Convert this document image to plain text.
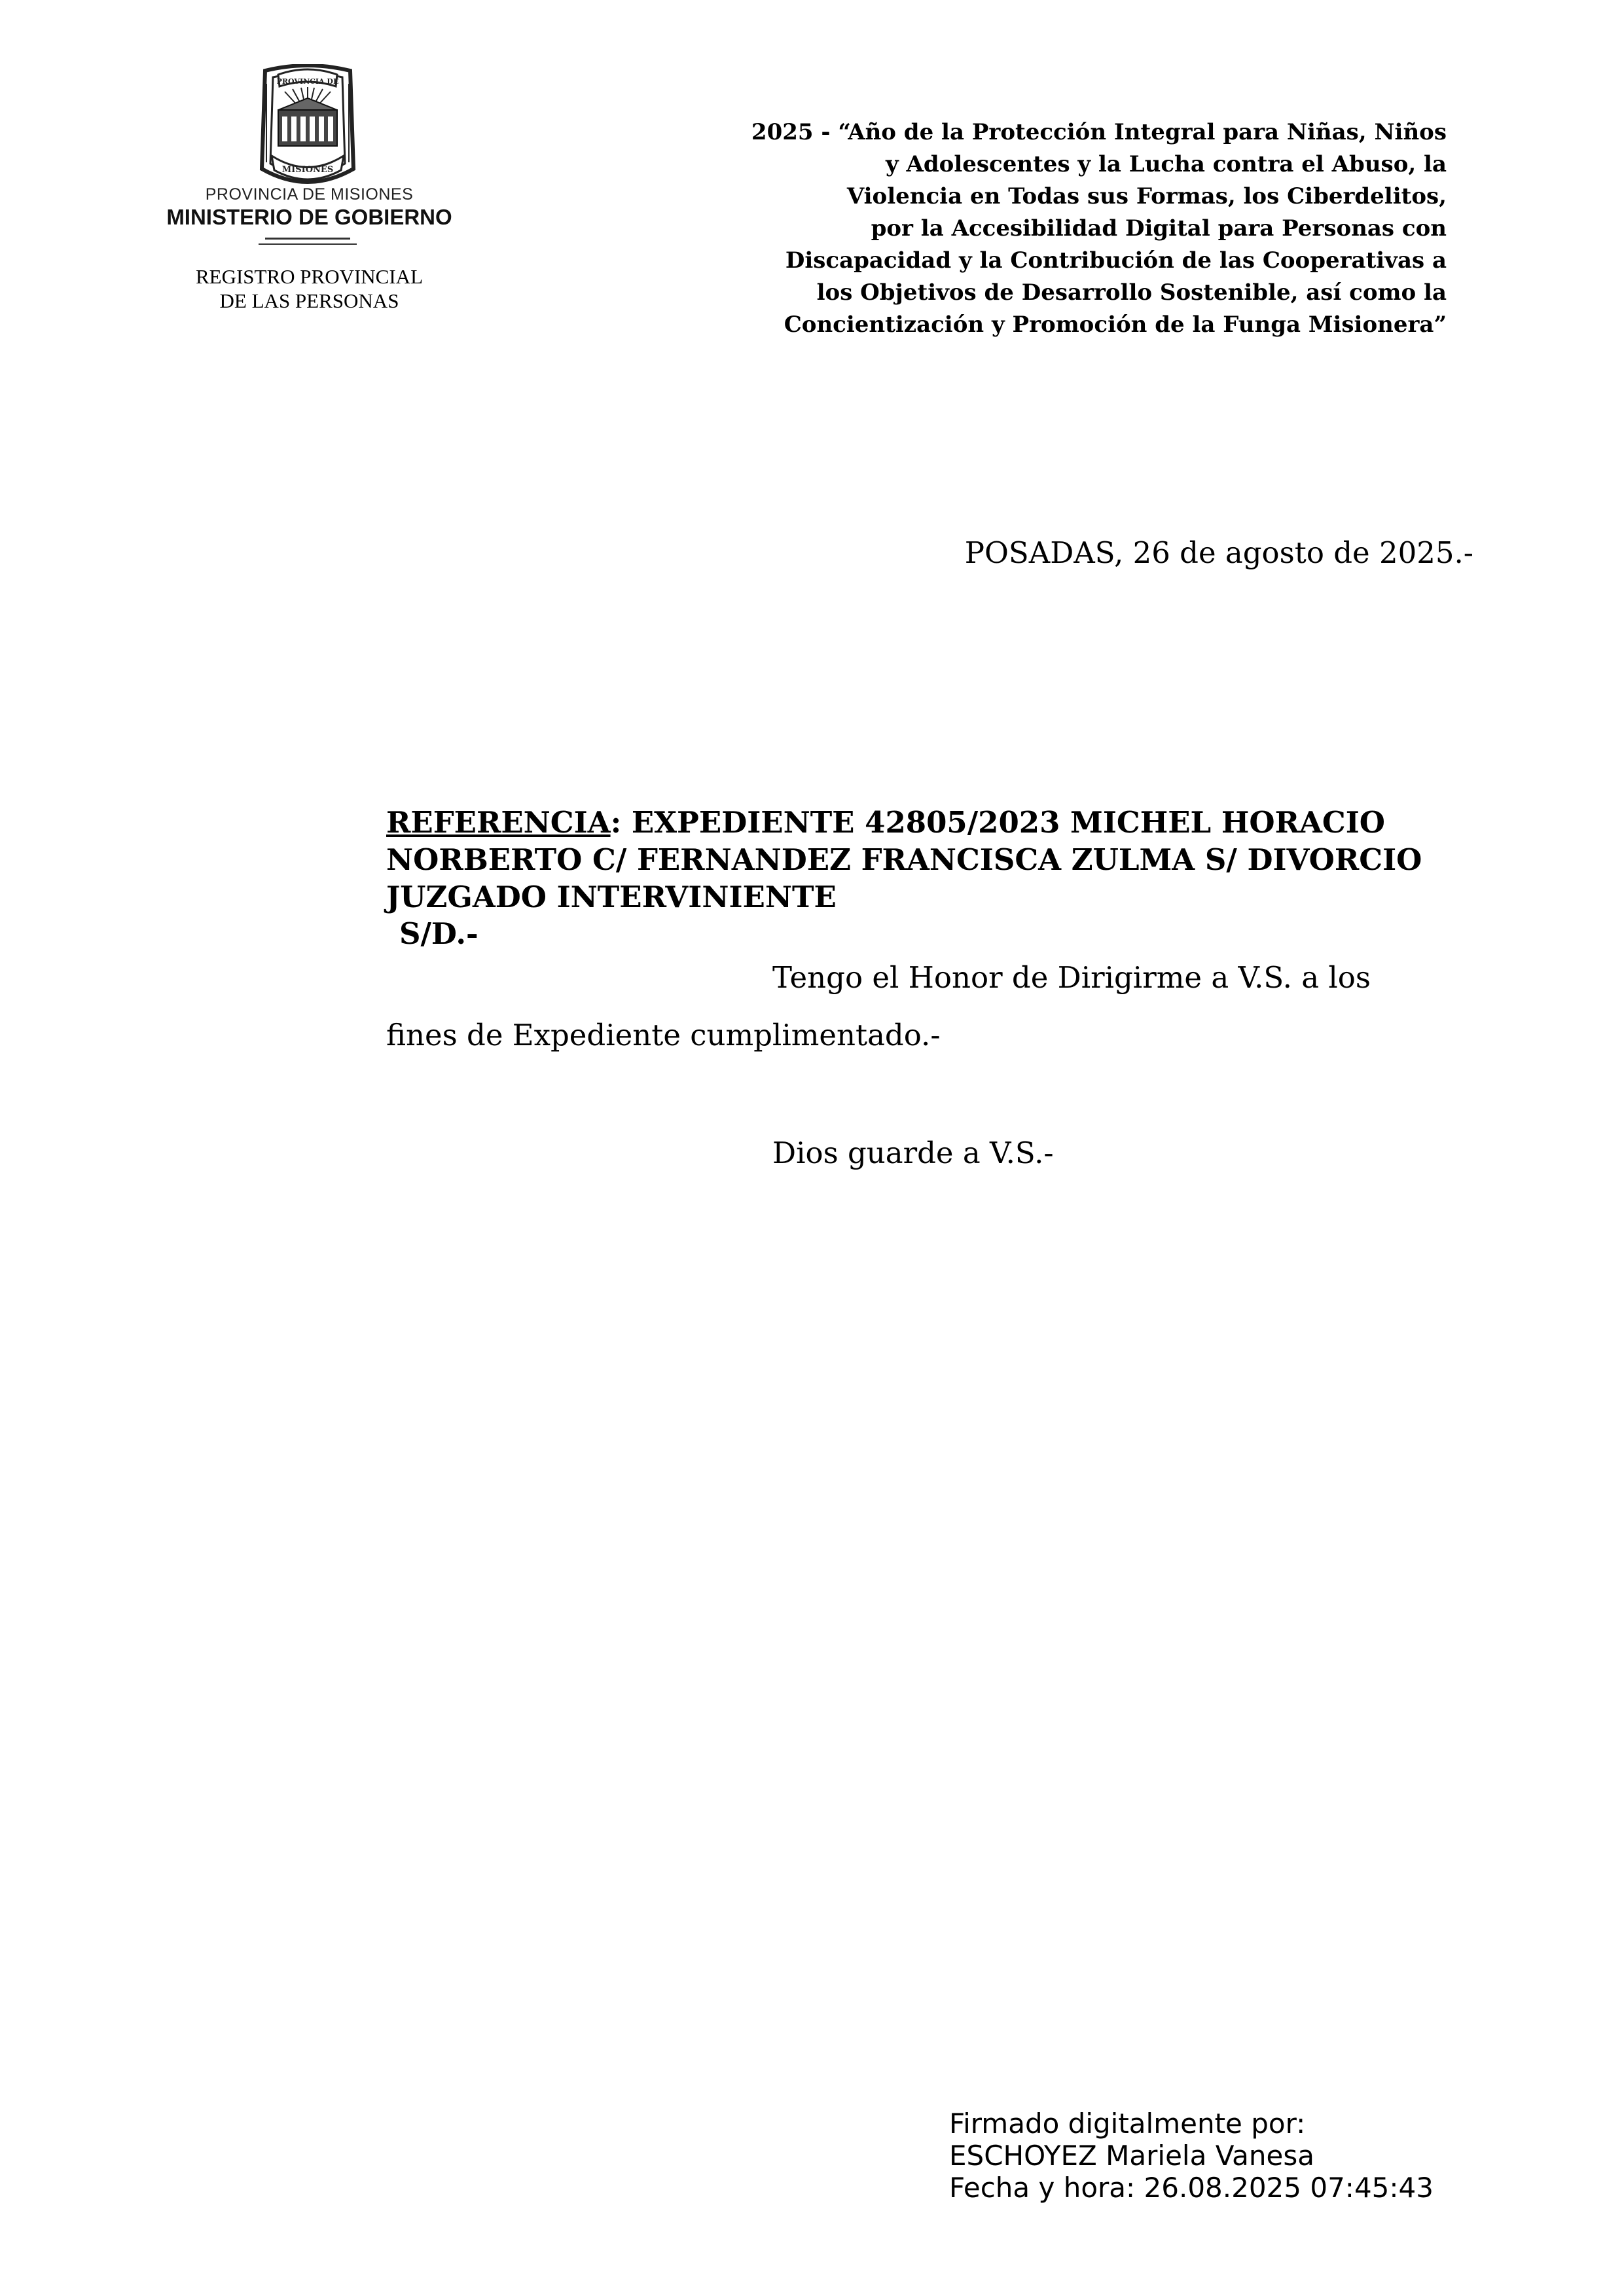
PROVINCIA DE
MISIONES
PROVINCIA DE MISIONES
MINISTERIO DE GOBIERNO
REGISTRO PROVINCIAL
DE LAS PERSONAS
2025 - “Año de la Protección Integral para Niñas, Niños
y Adolescentes y la Lucha contra el Abuso, la
Violencia en Todas sus Formas, los Ciberdelitos,
por la Accesibilidad Digital para Personas con
Discapacidad y la Contribución de las Cooperativas a
los Objetivos de Desarrollo Sostenible, así como la
Concientización y Promoción de la Funga Misionera”
POSADAS, 26 de agosto de 2025.-
REFERENCIA: EXPEDIENTE 42805/2023 MICHEL HORACIO
NORBERTO C/ FERNANDEZ FRANCISCA ZULMA S/ DIVORCIO
JUZGADO INTERVINIENTE
S/D.-
Tengo el Honor de Dirigirme a V.S. a los
fines de Expediente cumplimentado.-
Dios guarde a V.S.-
Firmado digitalmente por:
ESCHOYEZ Mariela Vanesa
Fecha y hora: 26.08.2025 07:45:43
